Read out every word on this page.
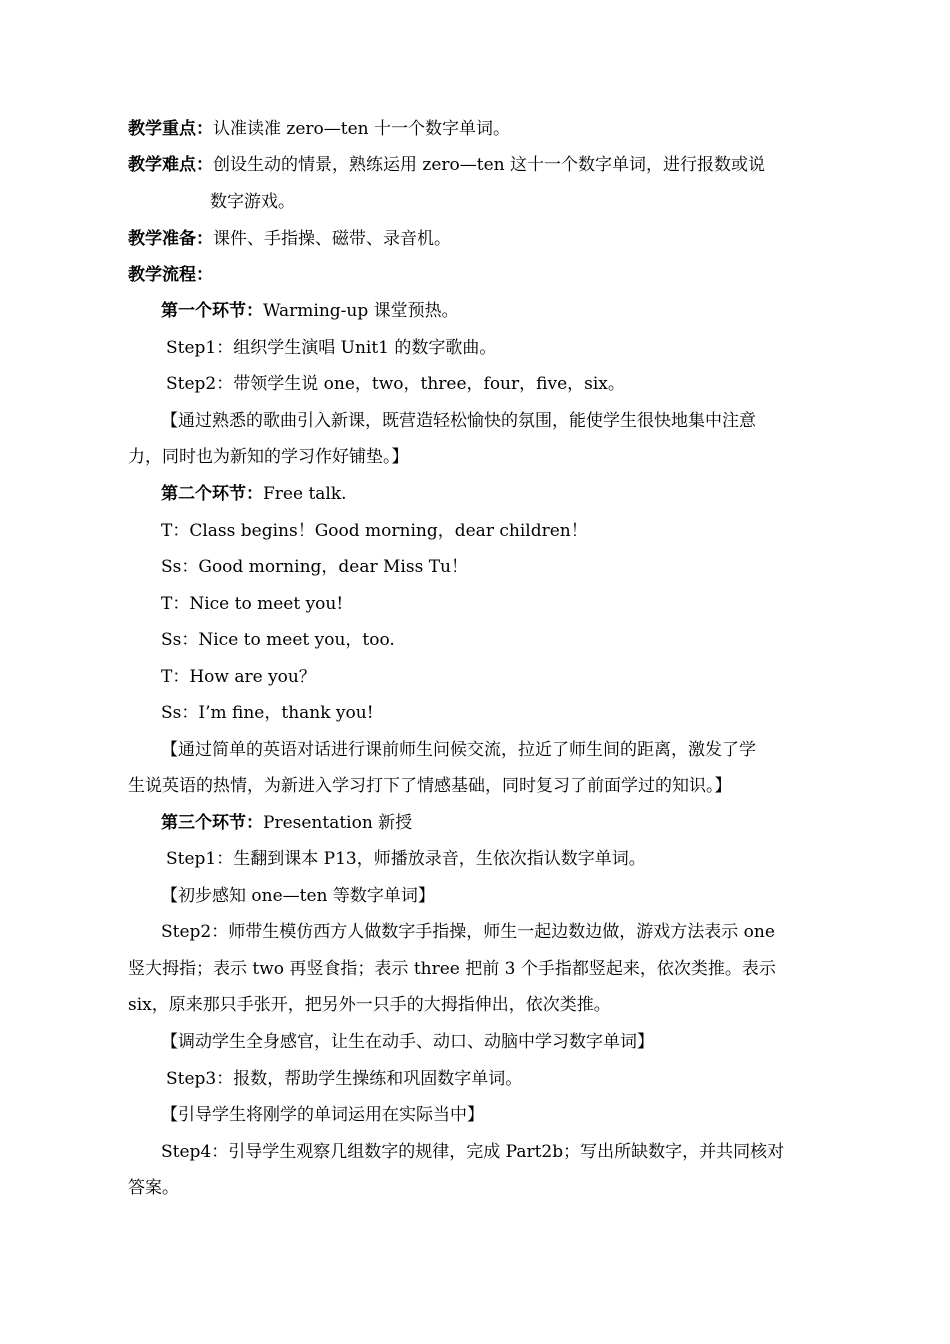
教学重点：认准读准 zero—ten 十一个数字单词。
教学难点：创设生动的情景，熟练运用 zero—ten 这十一个数字单词，进行报数或说
数字游戏。
教学准备：课件、手指操、磁带、录音机。
教学流程：
第一个环节：Warming-up 课堂预热。
Step1：组织学生演唱 Unit1 的数字歌曲。
Step2：带领学生说 one，two，three，four，five，six。
【通过熟悉的歌曲引入新课，既营造轻松愉快的氛围，能使学生很快地集中注意
力，同时也为新知的学习作好铺垫。】
第二个环节：Free talk.
T：Class begins！Good morning，dear children！
Ss：Good morning，dear Miss Tu！
T：Nice to meet you!
Ss：Nice to meet you，too.
T：How are you？
Ss：I’m fine，thank you!
【通过简单的英语对话进行课前师生问候交流，拉近了师生间的距离，激发了学
生说英语的热情，为新进入学习打下了情感基础，同时复习了前面学过的知识。】
第三个环节：Presentation 新授
Step1：生翻到课本 P13，师播放录音，生依次指认数字单词。
【初步感知 one—ten 等数字单词】
Step2：师带生模仿西方人做数字手指操，师生一起边数边做，游戏方法表示 one
竖大拇指；表示 two 再竖食指；表示 three 把前 3 个手指都竖起来，依次类推。表示
six，原来那只手张开，把另外一只手的大拇指伸出，依次类推。
【调动学生全身感官，让生在动手、动口、动脑中学习数字单词】
Step3：报数，帮助学生操练和巩固数字单词。
【引导学生将刚学的单词运用在实际当中】
Step4：引导学生观察几组数字的规律，完成 Part2b；写出所缺数字，并共同核对
答案。
